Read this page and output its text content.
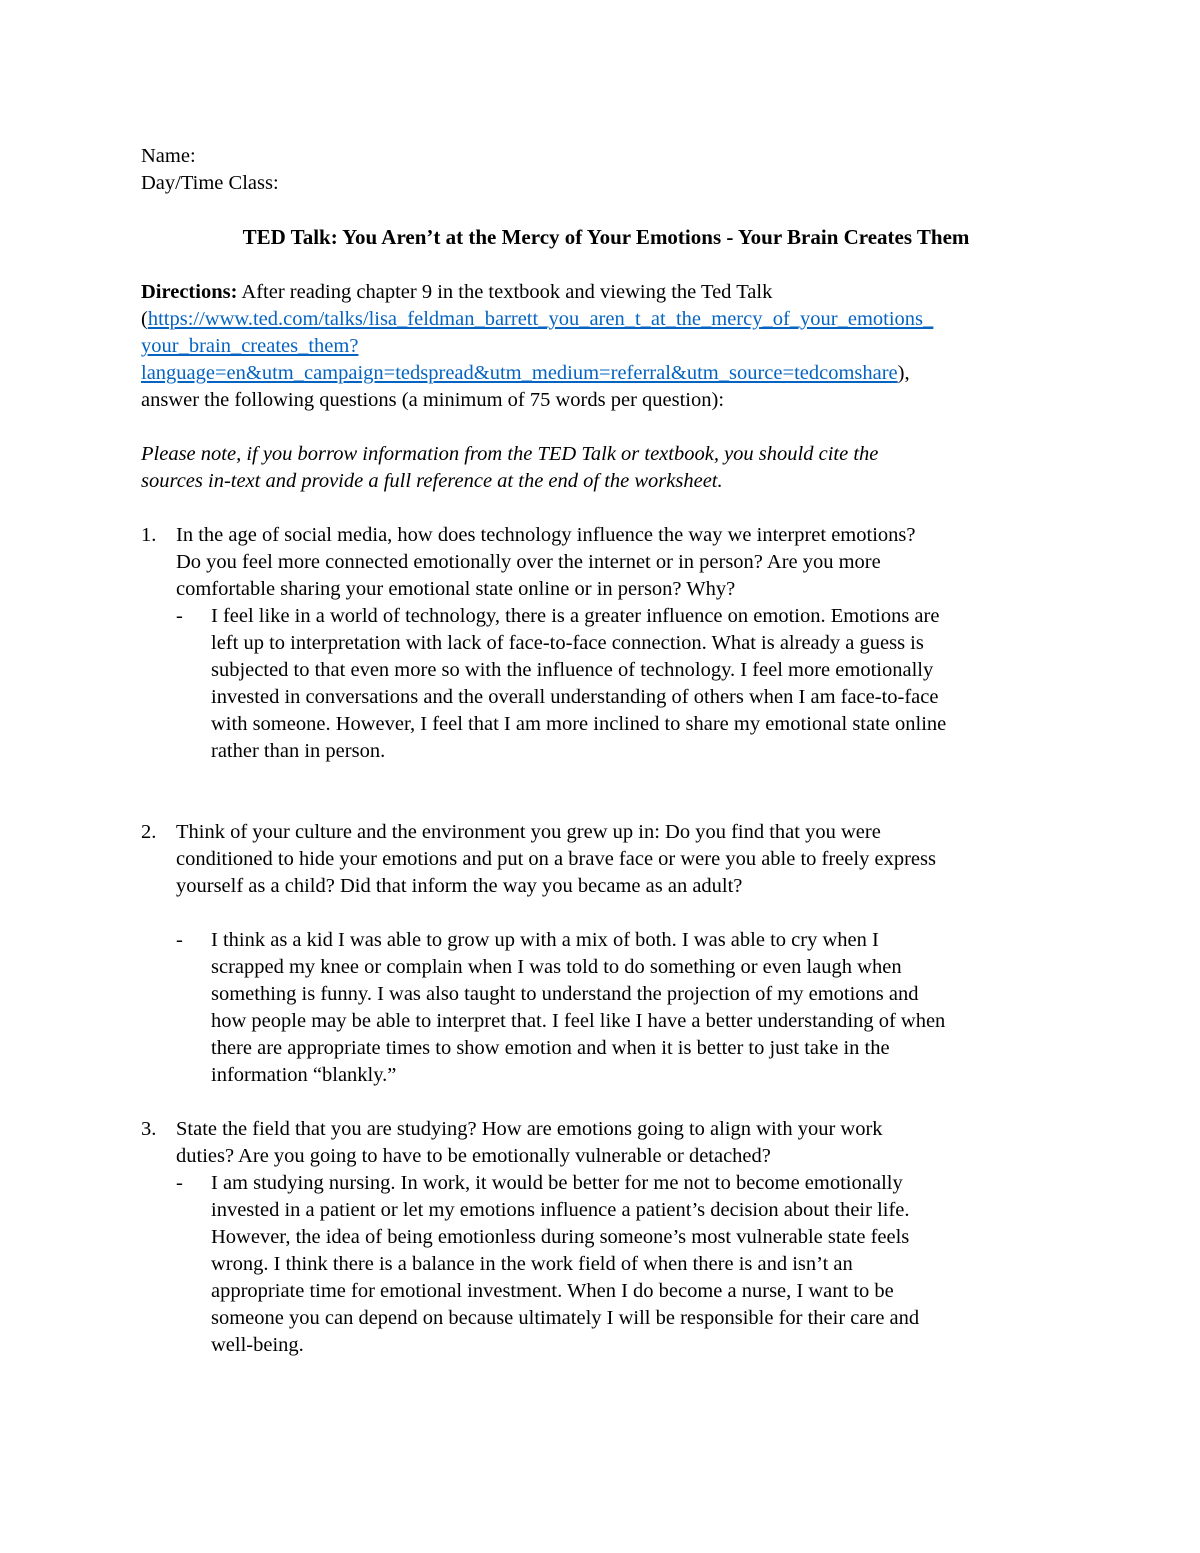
Name:
Day/Time Class:
TED Talk: You Aren’t at the Mercy of Your Emotions - Your Brain Creates Them
Directions: After reading chapter 9 in the textbook and viewing the Ted Talk
(https://www.ted.com/talks/lisa_feldman_barrett_you_aren_t_at_the_mercy_of_your_emotions_
your_brain_creates_them?
language=en&utm_campaign=tedspread&utm_medium=referral&utm_source=tedcomshare),
answer the following questions (a minimum of 75 words per question):
Please note, if you borrow information from the TED Talk or textbook, you should cite the
sources in-text and provide a full reference at the end of the worksheet.
1. In the age of social media, how does technology influence the way we interpret emotions?
Do you feel more connected emotionally over the internet or in person? Are you more
comfortable sharing your emotional state online or in person? Why?
- I feel like in a world of technology, there is a greater influence on emotion. Emotions are
left up to interpretation with lack of face-to-face connection. What is already a guess is
subjected to that even more so with the influence of technology. I feel more emotionally
invested in conversations and the overall understanding of others when I am face-to-face
with someone. However, I feel that I am more inclined to share my emotional state online
rather than in person.
2. Think of your culture and the environment you grew up in: Do you find that you were
conditioned to hide your emotions and put on a brave face or were you able to freely express
yourself as a child? Did that inform the way you became as an adult?
- I think as a kid I was able to grow up with a mix of both. I was able to cry when I
scrapped my knee or complain when I was told to do something or even laugh when
something is funny. I was also taught to understand the projection of my emotions and
how people may be able to interpret that. I feel like I have a better understanding of when
there are appropriate times to show emotion and when it is better to just take in the
information “blankly.”
3. State the field that you are studying? How are emotions going to align with your work
duties? Are you going to have to be emotionally vulnerable or detached?
- I am studying nursing. In work, it would be better for me not to become emotionally
invested in a patient or let my emotions influence a patient’s decision about their life.
However, the idea of being emotionless during someone’s most vulnerable state feels
wrong. I think there is a balance in the work field of when there is and isn’t an
appropriate time for emotional investment. When I do become a nurse, I want to be
someone you can depend on because ultimately I will be responsible for their care and
well-being.
